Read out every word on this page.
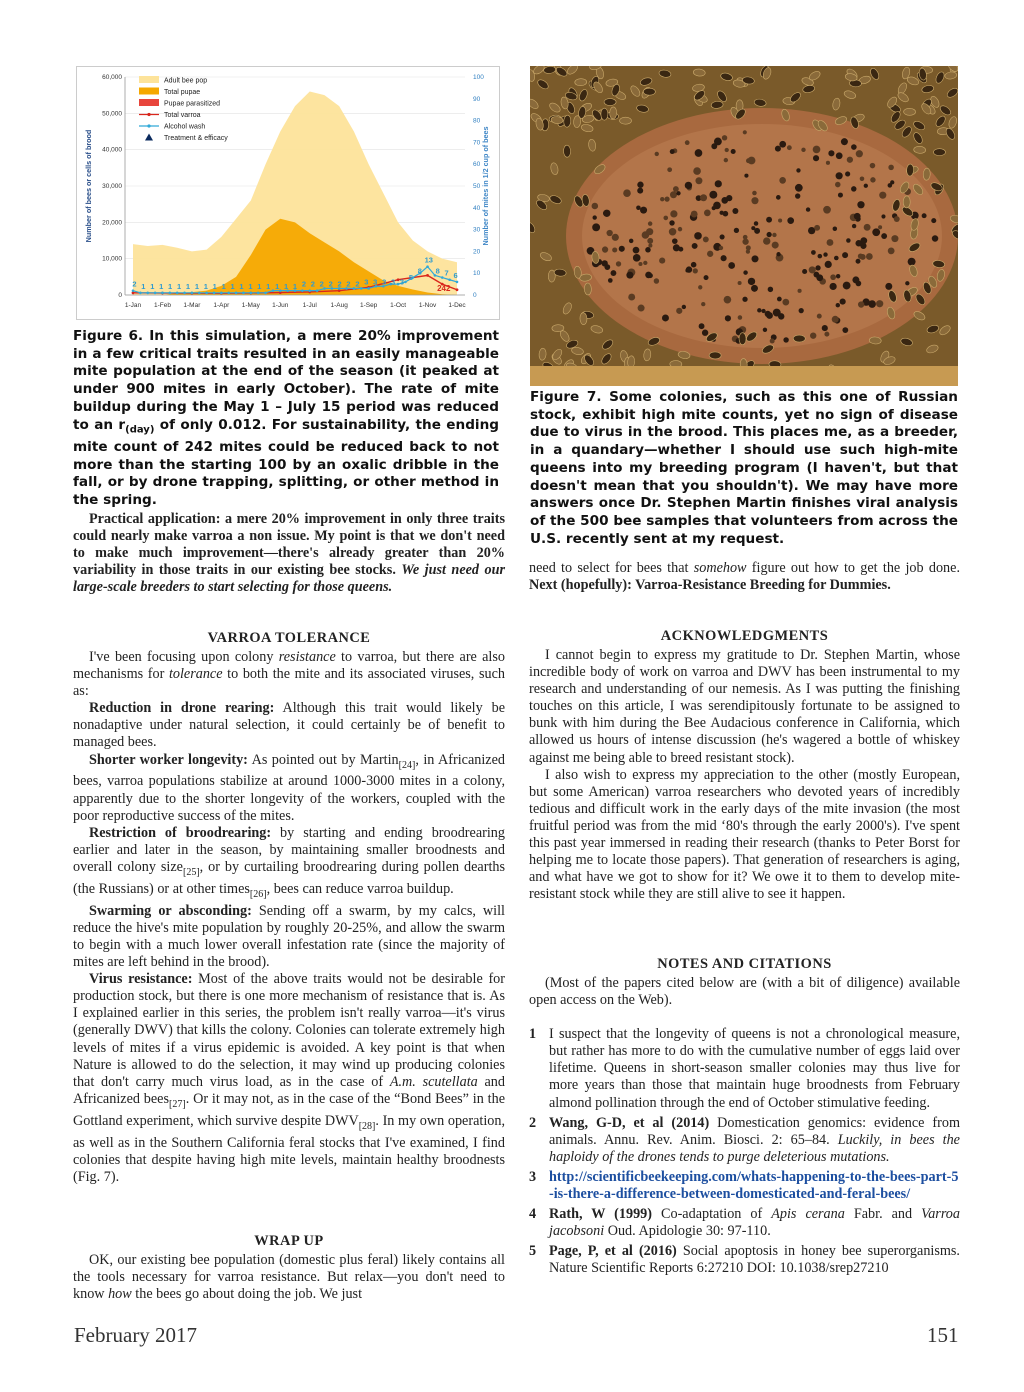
60,000
50,000
40,000
30,000
20,000
10,000
0
100
90
80
70
60
50
40
30
20
10
0
1-Jan 1-Feb 1-Mar 1-Apr 1-May 1-Jun 1-Jul 1-Aug 1-Sep 1-Oct 1-Nov 1-Dec
Number of bees or cells of brood	Number of mites in 1/2 cup of bees
2 1 1 1 1 1 1 1 1 1 1 1 1 1 1 1 1 1 1 2 2 2 2 2 2 2 3 3 3 3 3 5
8
13
8 7 6
242
Adult bee pop
Total pupae
Pupae parasitized
Total varroa
Alcohol wash
Treatment & efficacy

Figure 6. In this simulation, a mere 20% improvement in a few critical traits resulted in an easily manageable mite population at the end of the season (it peaked at under 900 mites in early October). The rate of mite buildup during the May 1 – July 15 period was reduced to an $r_{(day)}$ of only 0.012. For sustainability, the ending mite count of 242 mites could be reduced back to not more than the starting 100 by an oxalic dribble in the fall, or by drone trapping, splitting, or other method in the spring.

Practical application: a mere 20% improvement in only three traits could nearly make varroa a non issue. My point is that we don't need to make much improvement—there's already greater than 20% variability in those traits in our existing bee stocks. We just need our large-scale breeders to start selecting for those queens.

VARROA TOLERANCE

I've been focusing upon colony resistance to varroa, but there are also mechanisms for tolerance to both the mite and its associated viruses, such as:

Reduction in drone rearing: Although this trait would likely be nonadaptive under natural selection, it could certainly be of benefit to managed bees.

Shorter worker longevity: As pointed out by Martin$_{[24]}$, in Africanized bees, varroa populations stabilize at around 1000-3000 mites in a colony, apparently due to the shorter longevity of the workers, coupled with the poor reproductive success of the mites.

Restriction of broodrearing: by starting and ending broodrearing earlier and later in the season, by maintaining smaller broodnests and overall colony size$_{[25]}$, or by curtailing broodrearing during pollen dearths (the Russians) or at other times$_{[26]}$, bees can reduce varroa buildup.

Swarming or absconding: Sending off a swarm, by my calcs, will reduce the hive's mite population by roughly 20-25%, and allow the swarm to begin with a much lower overall infestation rate (since the majority of mites are left behind in the brood).

Virus resistance: Most of the above traits would not be desirable for production stock, but there is one more mechanism of resistance that is. As I explained earlier in this series, the problem isn't really varroa—it's virus (generally DWV) that kills the colony. Colonies can tolerate extremely high levels of mites if a virus epidemic is avoided. A key point is that when Nature is allowed to do the selection, it may wind up producing colonies that don't carry much virus load, as in the case of A.m. scutellata and Africanized bees$_{[27]}$. Or it may not, as in the case of the “Bond Bees” in the Gottland experiment, which survive despite $DWV_{[28]}$. In my own operation, as well as in the Southern California feral stocks that I've examined, I find colonies that despite having high mite levels, maintain healthy broodnests (Fig. 7).

WRAP UP

OK, our existing bee population (domestic plus feral) likely contains all the tools necessary for varroa resistance. But relax—you don't need to know how the bees go about doing the job. We just

Figure 7. Some colonies, such as this one of Russian stock, exhibit high mite counts, yet no sign of disease due to virus in the brood. This places me, as a breeder, in a quandary—whether I should use such high-mite queens into my breeding program (I haven't, but that doesn't mean that you shouldn't). We may have more answers once Dr. Stephen Martin finishes viral analysis of the 500 bee samples that volunteers from across the U.S. recently sent at my request.

need to select for bees that somehow figure out how to get the job done. Next (hopefully): Varroa-Resistance Breeding for Dummies.

ACKNOWLEDGMENTS

I cannot begin to express my gratitude to Dr. Stephen Martin, whose incredible body of work on varroa and DWV has been instrumental to my research and understanding of our nemesis. As I was putting the finishing touches on this article, I was serendipitously fortunate to be assigned to bunk with him during the Bee Audacious conference in California, which allowed us hours of intense discussion (he's wagered a bottle of whiskey against me being able to breed resistant stock).

I also wish to express my appreciation to the other (mostly European, but some American) varroa researchers who devoted years of incredibly tedious and difficult work in the early days of the mite invasion (the most fruitful period was from the mid ‘80's through the early 2000's). I've spent this past year immersed in reading their research (thanks to Peter Borst for helping me to locate those papers). That generation of researchers is aging, and what have we got to show for it? We owe it to them to develop mite-resistant stock while they are still alive to see it happen.

NOTES AND CITATIONS

(Most of the papers cited below are (with a bit of diligence) available open access on the Web).

1 I suspect that the longevity of queens is not a chronological measure, but rather has more to do with the cumulative number of eggs laid over lifetime. Queens in short-season smaller colonies may thus live for more years than those that maintain huge broodnests from February almond pollination through the end of October stimulative feeding.
2 Wang, G-D, et al (2014) Domestication genomics: evidence from animals. Annu. Rev. Anim. Biosci. 2: 65–84. Luckily, in bees the haploidy of the drones tends to purge deleterious mutations.
3 http://scientificbeekeeping.com/whats-happening-to-the-bees-part-5-is-there-a-difference-between-domesticated-and-feral-bees/
4 Rath, W (1999) Co-adaptation of Apis cerana Fabr. and Varroa jacobsoni Oud. Apidologie 30: 97-110.
5 Page, P, et al (2016) Social apoptosis in honey bee superorganisms. Nature Scientific Reports 6:27210 DOI: 10.1038/srep27210
February 2017	151
